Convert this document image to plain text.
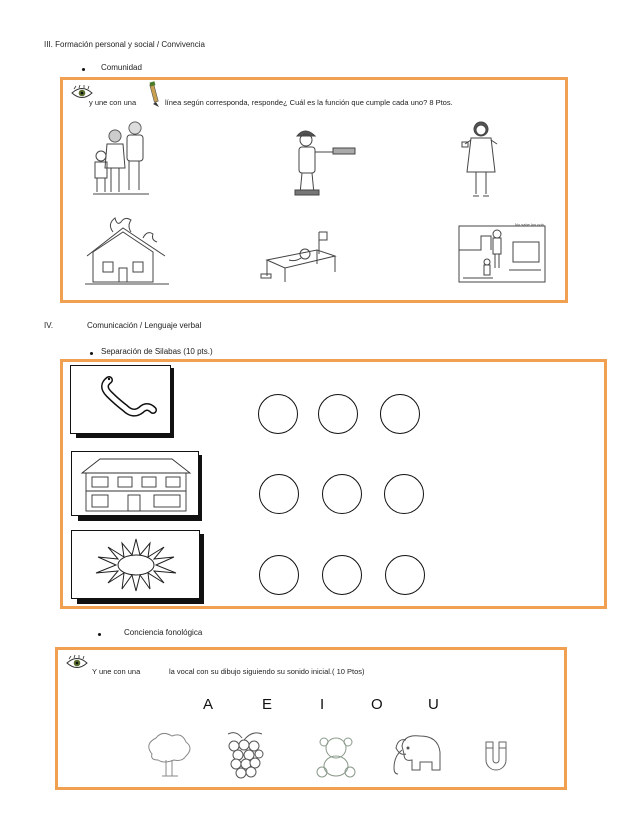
III. Formación personal y social / Convivencia
Comunidad
y une con una	línea según corresponda, responde¿ Cuál es la función que cumple cada uno? 8 Ptos.
No sabe los noh
IV.	Comunicación / Lenguaje verbal
Separación de Silabas (10 pts.)
Conciencia fonológica
Y une con una	la vocal con su dibujo siguiendo su sonido inicial.( 10 Ptos)
A	E	I	O	U
